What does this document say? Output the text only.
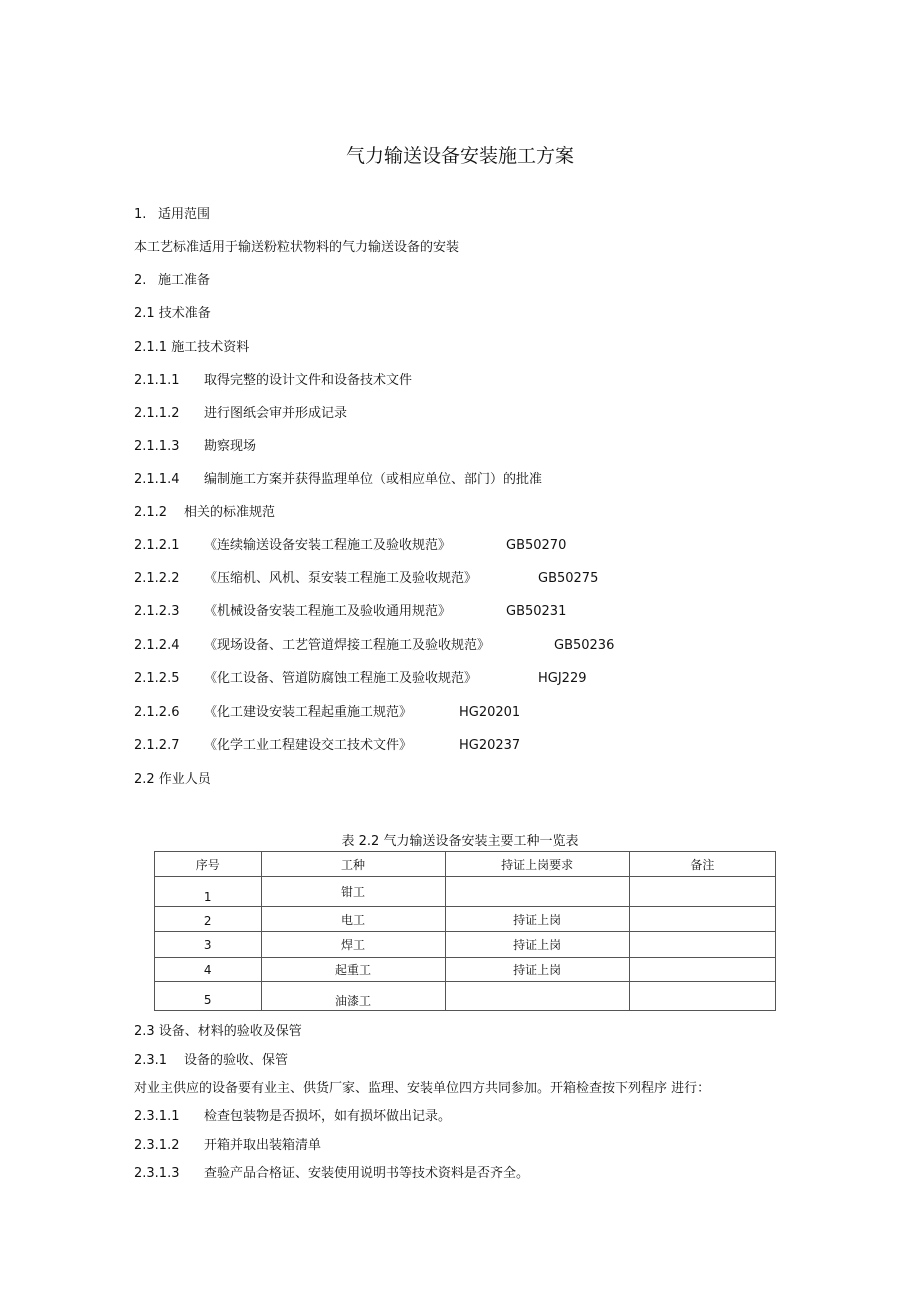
气力输送设备安装施工方案
1. 适用范围
本工艺标准适用于输送粉粒状物料的气力输送设备的安装
2. 施工准备
2.1 技术准备
2.1.1 施工技术资料
2.1.1.1 取得完整的设计文件和设备技术文件
2.1.1.2 进行图纸会审并形成记录
2.1.1.3 勘察现场
2.1.1.4 编制施工方案并获得监理单位（或相应单位、部门）的批准
2.1.2 相关的标准规范
2.1.2.1 《连续输送设备安装工程施工及验收规范》	GB50270
2.1.2.2 《压缩机、风机、泵安装工程施工及验收规范》	GB50275
2.1.2.3 《机械设备安装工程施工及验收通用规范》	GB50231
2.1.2.4 《现场设备、工艺管道焊接工程施工及验收规范》	GB50236
2.1.2.5 《化工设备、管道防腐蚀工程施工及验收规范》	HGJ229
2.1.2.6 《化工建设安装工程起重施工规范》	HG20201
2.1.2.7 《化学工业工程建设交工技术文件》	HG20237
2.2 作业人员
表 2.2 气力输送设备安装主要工种一览表
序号	工种	持证上岗要求	备注
1	钳工		
2	电工	持证上岗	
3	焊工	持证上岗	
4	起重工	持证上岗	
5	油漆工		
2.3 设备、材料的验收及保管
2.3.1 设备的验收、保管
对业主供应的设备要有业主、供货厂家、监理、安装单位四方共同参加。开箱检查按下列程序 进行：
2.3.1.1 检查包装物是否损坏，如有损坏做出记录。
2.3.1.2 开箱并取出装箱清单
2.3.1.3 查验产品合格证、安装使用说明书等技术资料是否齐全。
